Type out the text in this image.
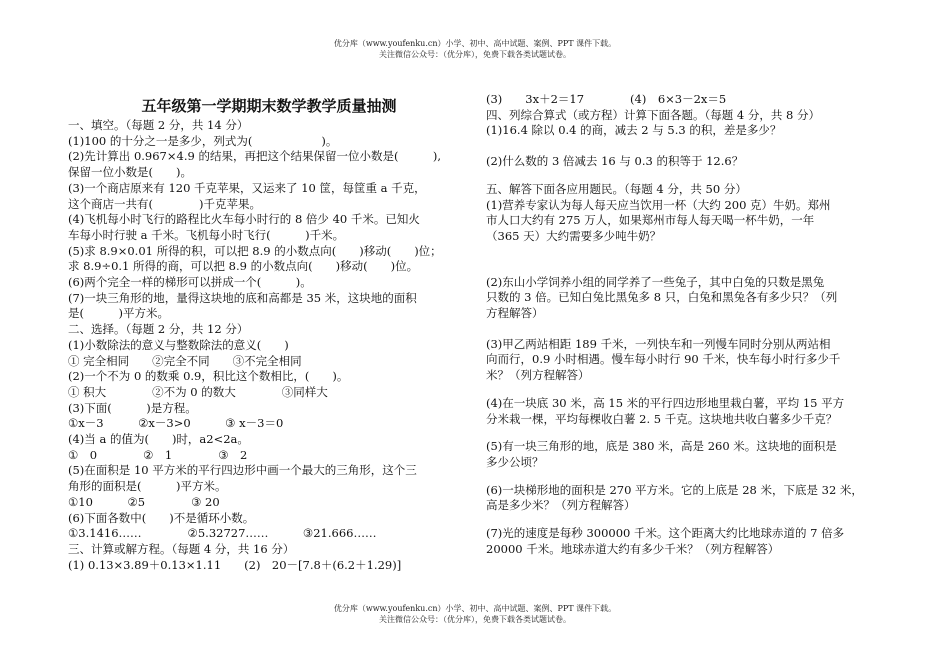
优分库（www.youfenku.cn）小学、初中、高中试题、案例、PPT 课件下载。
关注微信公众号：（优分库），免费下载各类试题试卷。
五年级第一学期期末数学教学质量抽测
一、填空。（每题 2 分，共 14 分）
(1)100 的十分之一是多少，列式为(　　　　　　)。
(2)先计算出 0.967×4.9 的结果，再把这个结果保留一位小数是(　　　),
保留一位小数是(　　)。
(3)一个商店原来有 120 千克苹果，又运来了 10 筐，每筐重 a 千克，
这个商店一共有(　　　　)千克苹果。
(4)飞机每小时飞行的路程比火车每小时行的 8 倍少 40 千米。已知火
车每小时行驶 a 千米。飞机每小时飞行(　　　)千米。
(5)求 8.9×0.01 所得的积，可以把 8.9 的小数点向(　　)移动(　　)位；
求 8.9÷0.1 所得的商，可以把 8.9 的小数点向(　　)移动(　　)位。
(6)两个完全一样的梯形可以拼成一个(　　　)。
(7)一块三角形的地，量得这块地的底和高都是 35 米，这块地的面积
是(　　　)平方米。
二、选择。（每题 2 分，共 12 分）
(1)小数除法的意义与整数除法的意义(　　)
① 完全相同　　②完全不同　　③不完全相同
(2)一个不为 0 的数乘 0.9，积比这个数相比，(　　)。
① 积大　　　　②不为 0 的数大　　　　③同样大
(3)下面(　　　)是方程。
①x－3　　　②x－3>0　　　③ x－3＝0
(4)当 a 的值为(　　)时，a2<2a。
①　0　　　　②　1　　　　③　2
(5)在面积是 10 平方米的平行四边形中画一个最大的三角形，这个三
角形的面积是(　　　)平方米。
①10　　　②5　　　　③ 20
(6)下面各数中(　　)不是循环小数。
①3.1416……　　　　②5.32727……　　　③21.666……
三、计算或解方程。（每题 4 分，共 16 分）
(1) 0.13×3.89＋0.13×1.11　　(2)　20－[7.8＋(6.2＋1.29)]
(3)　　3x＋2＝17　　　　(4)　6×3－2x＝5
四、列综合算式（或方程）计算下面各题。（每题 4 分，共 8 分）
(1)16.4 除以 0.4 的商，减去 2 与 5.3 的积，差是多少？
(2)什么数的 3 倍减去 16 与 0.3 的积等于 12.6？
五、解答下面各应用题民。（每题 4 分，共 50 分）
(1)营养专家认为每人每天应当饮用一杯（大约 200 克）牛奶。郑州
市人口大约有 275 万人，如果郑州市每人每天喝一杯牛奶，一年
（365 天）大约需要多少吨牛奶？
(2)东山小学饲养小组的同学养了一些兔子，其中白兔的只数是黑兔
只数的 3 倍。已知白兔比黑兔多 8 只，白兔和黑兔各有多少只？（列
方程解答）
(3)甲乙两站相距 189 千米，一列快车和一列慢车同时分别从两站相
向而行，0.9 小时相遇。慢车每小时行 90 千米，快车每小时行多少千
米？（列方程解答）
(4)在一块底 30 米，高 15 米的平行四边形地里栽白薯，平均 15 平方
分米栽一棵，平均每棵收白薯 2. 5 千克。这块地共收白薯多少千克？
(5)有一块三角形的地，底是 380 米，高是 260 米。这块地的面积是
多少公顷？
(6)一块梯形地的面积是 270 平方米。它的上底是 28 米，下底是 32 米，
高是多少米？（列方程解答）
(7)光的速度是每秒 300000 千米。这个距离大约比地球赤道的 7 倍多
20000 千米。地球赤道大约有多少千米？（列方程解答）
优分库（www.youfenku.cn）小学、初中、高中试题、案例、PPT 课件下载。
关注微信公众号：（优分库），免费下载各类试题试卷。
